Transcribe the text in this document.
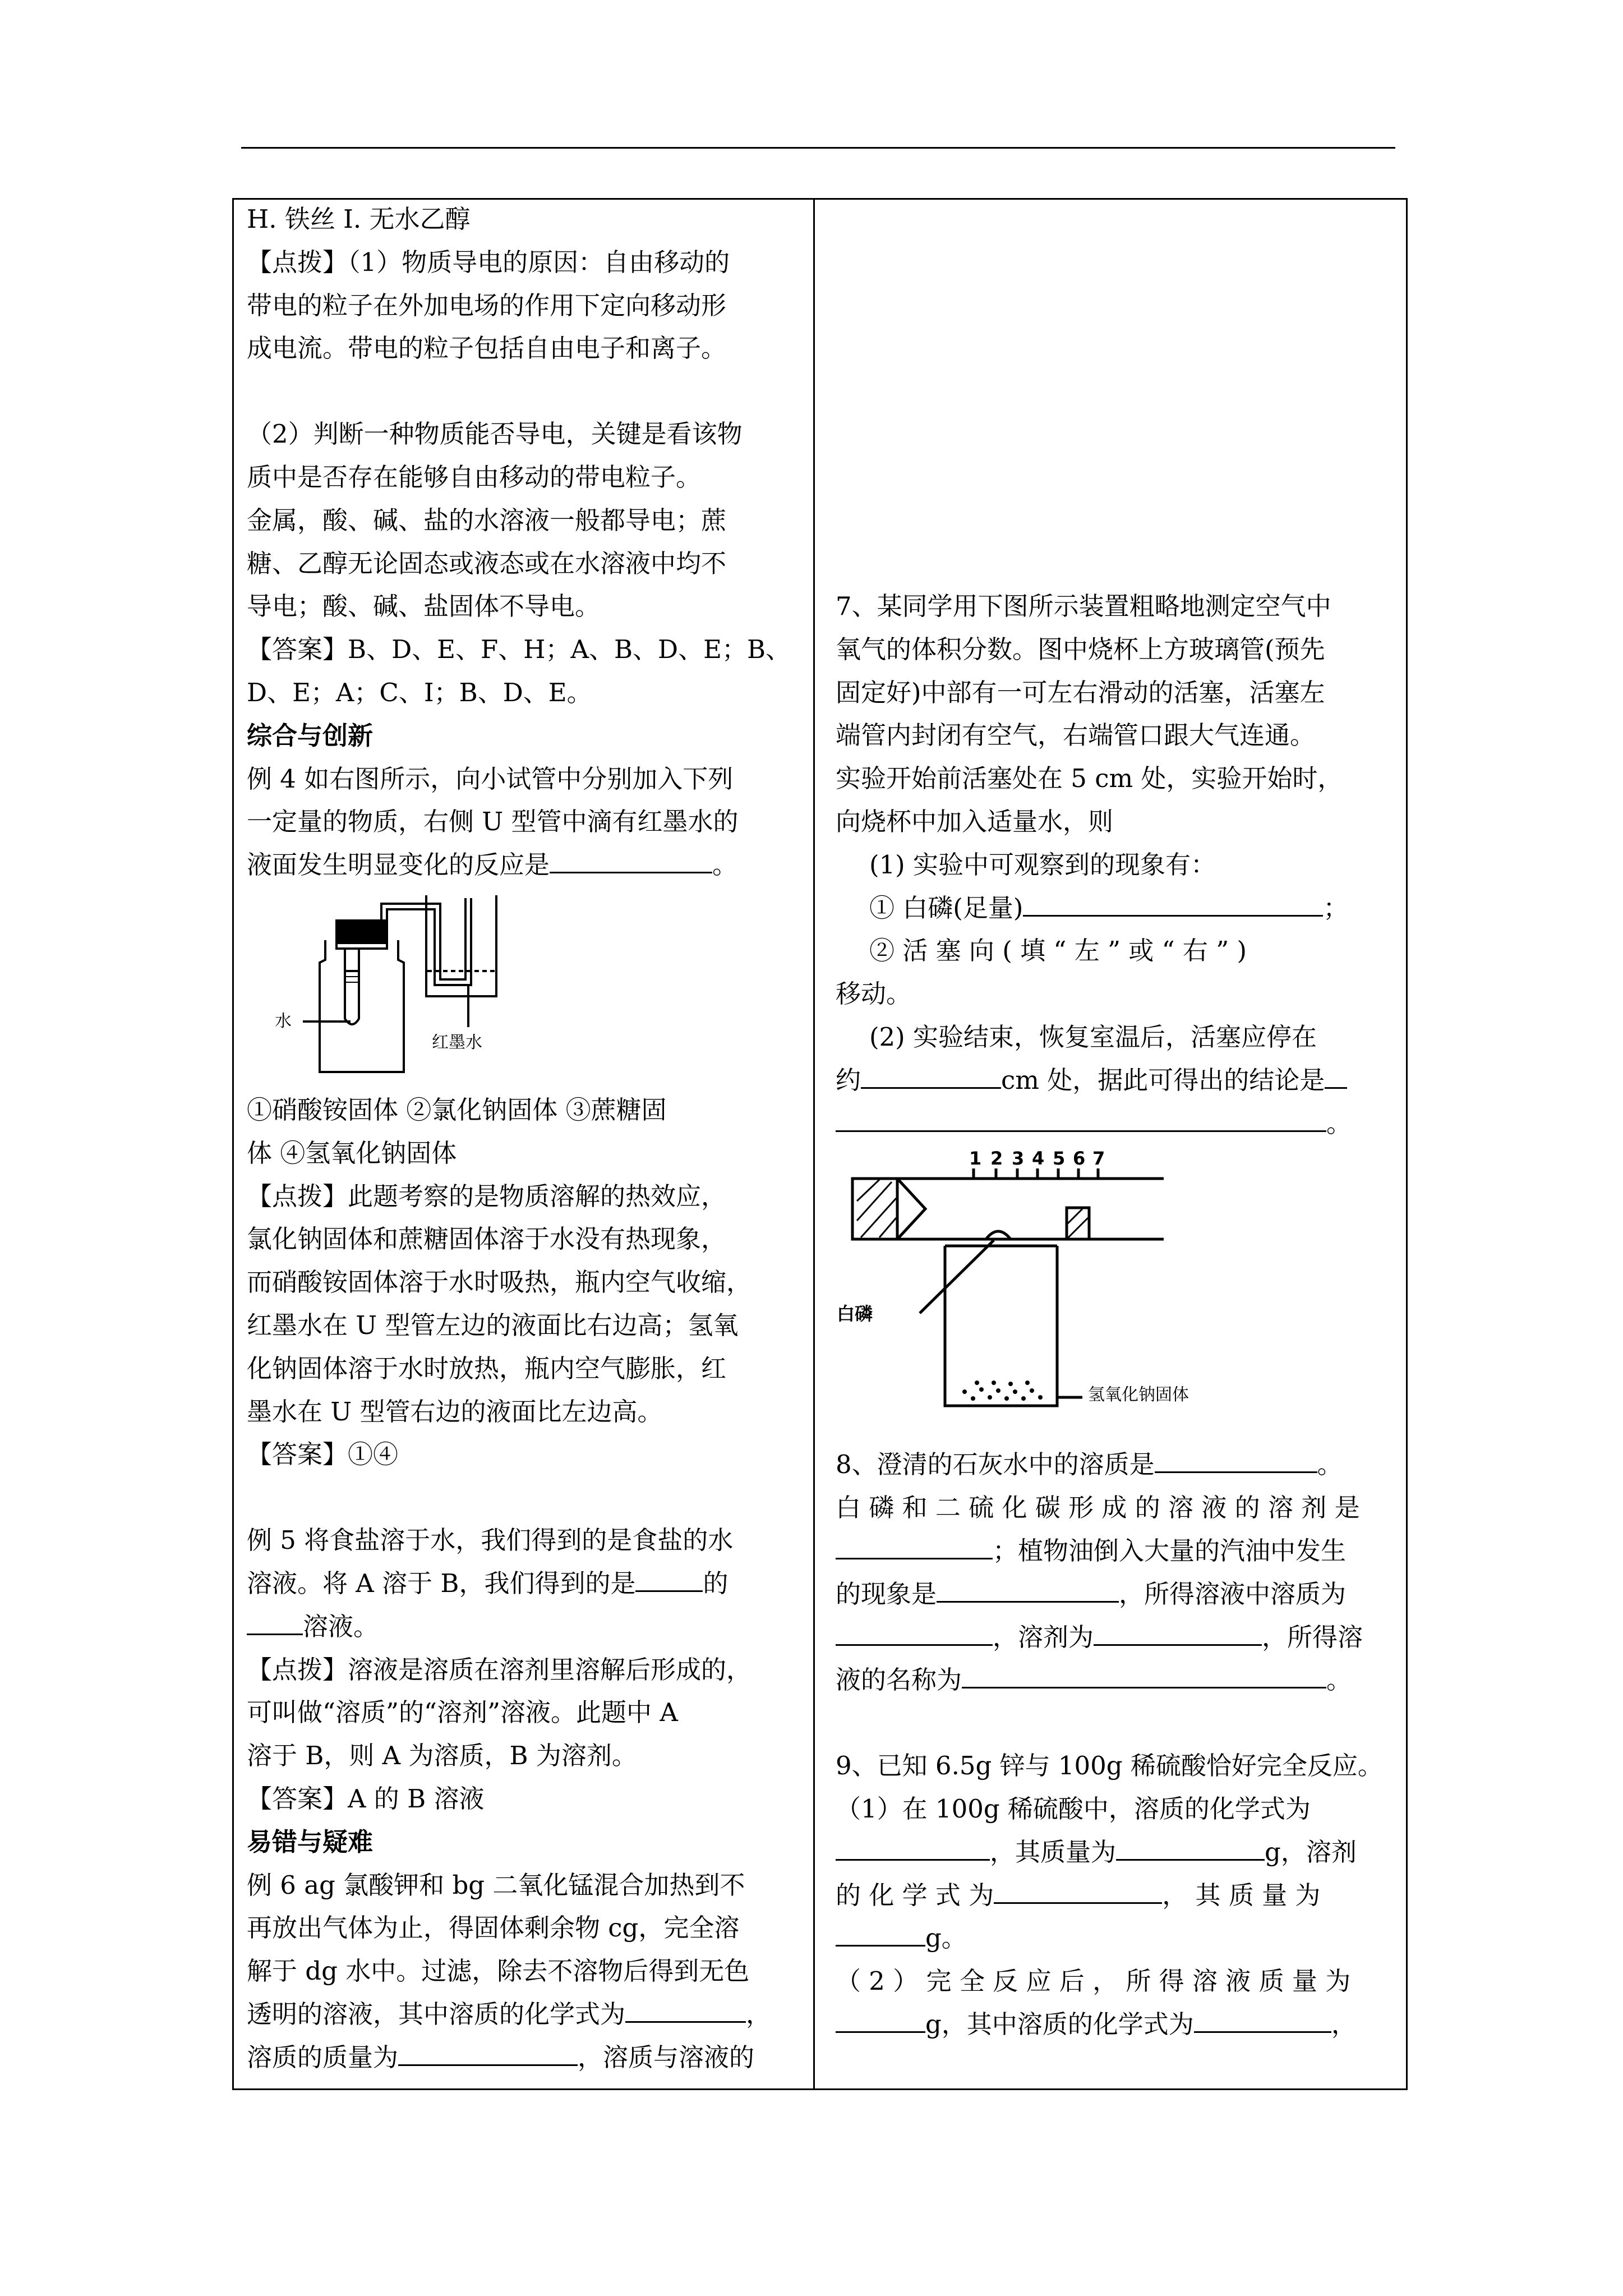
H. 铁丝 I. 无水乙醇
【点拨】（1）物质导电的原因：自由移动的
带电的粒子在外加电场的作用下定向移动形
成电流。带电的粒子包括自由电子和离子。
（2）判断一种物质能否导电，关键是看该物
质中是否存在能够自由移动的带电粒子。
金属，酸、碱、盐的水溶液一般都导电；蔗
糖、乙醇无论固态或液态或在水溶液中均不
导电；酸、碱、盐固体不导电。
【答案】B、D、E、F、H；A、B、D、E；B、
D、E；A；C、I；B、D、E。
综合与创新
例 4 如右图所示，向小试管中分别加入下列
一定量的物质，右侧 U 型管中滴有红墨水的
液面发生明显变化的反应是	。
水
红墨水
①硝酸铵固体 ②氯化钠固体 ③蔗糖固
体 ④氢氧化钠固体
【点拨】此题考察的是物质溶解的热效应，
氯化钠固体和蔗糖固体溶于水没有热现象，
而硝酸铵固体溶于水时吸热，瓶内空气收缩，
红墨水在 U 型管左边的液面比右边高；氢氧
化钠固体溶于水时放热，瓶内空气膨胀，红
墨水在 U 型管右边的液面比左边高。
【答案】①④
例 5 将食盐溶于水，我们得到的是食盐的水
溶液。将 A 溶于 B，我们得到的是	的
溶液。
【点拨】溶液是溶质在溶剂里溶解后形成的，
可叫做“溶质”的“溶剂”溶液。此题中 A
溶于 B，则 A 为溶质，B 为溶剂。
【答案】A 的 B 溶液
易错与疑难
例 6 ag 氯酸钾和 bg 二氧化锰混合加热到不
再放出气体为止，得固体剩余物 cg，完全溶
解于 dg 水中。过滤，除去不溶物后得到无色
透明的溶液，其中溶质的化学式为	，
溶质的质量为	，溶质与溶液的
7、某同学用下图所示装置粗略地测定空气中
氧气的体积分数。图中烧杯上方玻璃管(预先
固定好)中部有一可左右滑动的活塞，活塞左
端管内封闭有空气，右端管口跟大气连通。
实验开始前活塞处在 5 cm 处，实验开始时，
向烧杯中加入适量水，则
(1) 实验中可观察到的现象有：
① 白磷(足量)	；
② 活 塞 向 ( 填 “ 左 ” 或 “ 右 ” )
移动。
(2) 实验结束，恢复室温后，活塞应停在
约	cm 处，据此可得出的结论是
。
1 2 3 4 5 6 7
白磷
氢氧化钠固体
8、澄清的石灰水中的溶质是	。
白 磷 和 二 硫 化 碳 形 成 的 溶 液 的 溶 剂 是
；植物油倒入大量的汽油中发生
的现象是	，所得溶液中溶质为
，溶剂为	，所得溶
液的名称为	。
9、已知 6.5g 锌与 100g 稀硫酸恰好完全反应。
（1）在 100g 稀硫酸中，溶质的化学式为
，其质量为	g，溶剂
的 化 学 式 为	， 其 质 量 为
g。
（ 2 ） 完 全 反 应 后 ， 所 得 溶 液 质 量 为
g，其中溶质的化学式为	，
